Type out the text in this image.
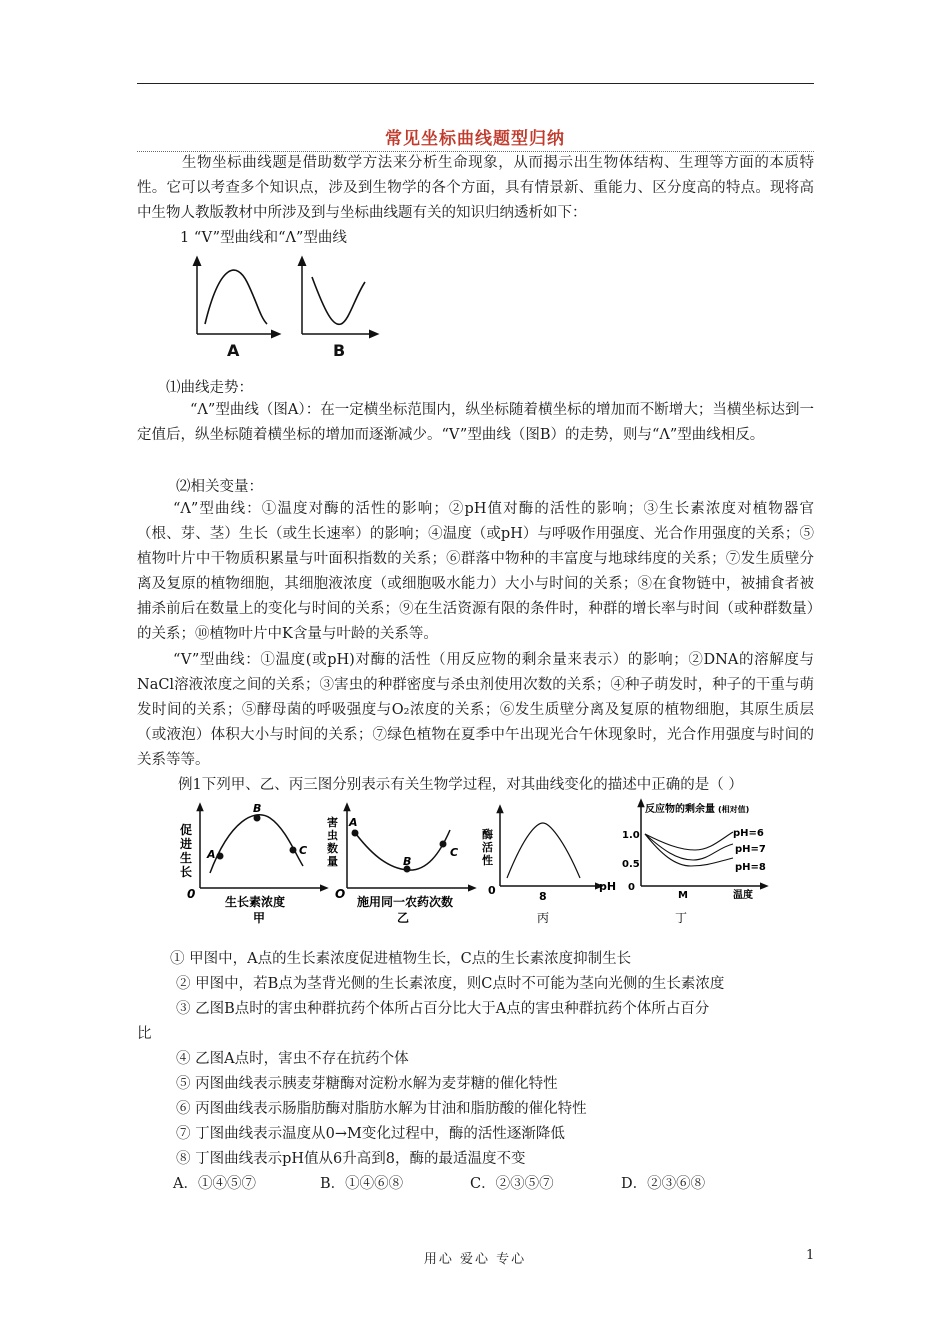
常见坐标曲线题型归纳

生物坐标曲线题是借助数学方法来分析生命现象，从而揭示出生物体结构、生理等方面的本质特性。它可以考查多个知识点，涉及到生物学的各个方面，具有情景新、重能力、区分度高的特点。现将高中生物人教版教材中所涉及到与坐标曲线题有关的知识归纳透析如下：

1 “V”型曲线和“Λ”型曲线
A	B
⑴曲线走势：

“Λ”型曲线（图A）：在一定横坐标范围内，纵坐标随着横坐标的增加而不断增大；当横坐标达到一定值后，纵坐标随着横坐标的增加而逐渐减少。“V”型曲线（图B）的走势，则与“Λ”型曲线相反。

⑵相关变量：

“Λ”型曲线：①温度对酶的活性的影响；②pH值对酶的活性的影响；③生长素浓度对植物器官（根、芽、茎）生长（或生长速率）的影响；④温度（或pH）与呼吸作用强度、光合作用强度的关系；⑤植物叶片中干物质积累量与叶面积指数的关系；⑥群落中物种的丰富度与地球纬度的关系；⑦发生质壁分离及复原的植物细胞，其细胞液浓度（或细胞吸水能力）大小与时间的关系；⑧在食物链中，被捕食者被捕杀前后在数量上的变化与时间的关系；⑨在生活资源有限的条件时，种群的增长率与时间（或种群数量）的关系；⑩植物叶片中K含量与叶龄的关系等。

“V”型曲线：①温度(或pH)对酶的活性（用反应物的剩余量来表示）的影响；②DNA的溶解度与NaCl溶液浓度之间的关系；③害虫的种群密度与杀虫剂使用次数的关系；④种子萌发时，种子的干重与萌发时间的关系；⑤酵母菌的呼吸强度与O₂浓度的关系；⑥发生质壁分离及复原的植物细胞，其原生质层（或液泡）体积大小与时间的关系；⑦绿色植物在夏季中午出现光合午休现象时，光合作用强度与时间的关系等等。

例1下列甲、乙、丙三图分别表示有关生物学过程，对其曲线变化的描述中正确的是（ ）
促
进
生
长
0
A
B
C
生长素浓度
甲
害
虫
数
量
O
A
B
C
施用同一农药次数
乙
酶
活
性
0	8
pH
丙
反应物的剩余量 (相对值)
1.0
0.5
0
pH=6
pH=7
pH=8
M	温度
丁
① 甲图中，A点的生长素浓度促进植物生长，C点的生长素浓度抑制生长
② 甲图中，若B点为茎背光侧的生长素浓度，则C点时不可能为茎向光侧的生长素浓度
③ 乙图B点时的害虫种群抗药个体所占百分比大于A点的害虫种群抗药个体所占百分
比
④ 乙图A点时，害虫不存在抗药个体
⑤ 丙图曲线表示胰麦芽糖酶对淀粉水解为麦芽糖的催化特性
⑥ 丙图曲线表示肠脂肪酶对脂肪水解为甘油和脂肪酸的催化特性
⑦ 丁图曲线表示温度从0→M变化过程中，酶的活性逐渐降低
⑧ 丁图曲线表示pH值从6升高到8，酶的最适温度不变
A．①④⑤⑦	B．①④⑥⑧	C．②③⑤⑦	D．②③⑥⑧
用心 爱心 专心	1
